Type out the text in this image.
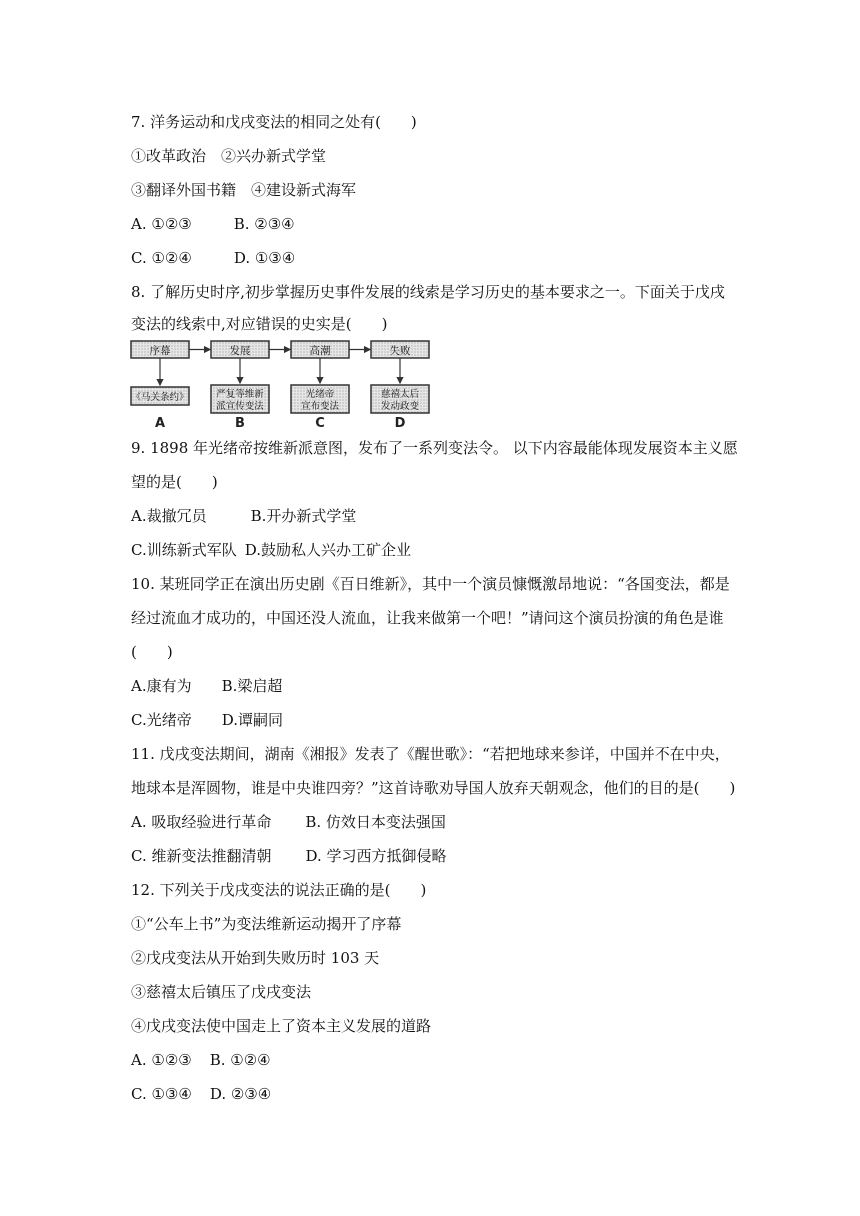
7. 洋务运动和戊戌变法的相同之处有(　　)
①改革政治　②兴办新式学堂
③翻译外国书籍　④建设新式海军
A. ①②③	B. ②③④
C. ①②④	D. ①③④
8. 了解历史时序,初步掌握历史事件发展的线索是学习历史的基本要求之一。下面关于戊戌
变法的线索中,对应错误的史实是(　　)
序幕	发展	高潮	失败
《马关条约》	严复等维新
派宣传变法
光绪帝
宣布变法
慈禧太后
发动政变
A	B	C	D
9. 1898 年光绪帝按维新派意图，发布了一系列变法令。 以下内容最能体现发展资本主义愿
望的是(　　)
A.裁撤冗员	B.开办新式学堂
C.训练新式军队 D.鼓励私人兴办工矿企业
10. 某班同学正在演出历史剧《百日维新》，其中一个演员慷慨激昂地说：“各国变法，都是
经过流血才成功的，中国还没人流血，让我来做第一个吧！”请问这个演员扮演的角色是谁
(　　)
A.康有为 B.梁启超
C.光绪帝 D.谭嗣同
11. 戊戌变法期间，湖南《湘报》发表了《醒世歌》：“若把地球来参详，中国并不在中央，
地球本是浑圆物，谁是中央谁四旁？”这首诗歌劝导国人放弃天朝观念，他们的目的是(　　)
A. 吸取经验进行革命 B. 仿效日本变法强国
C. 维新变法推翻清朝 D. 学习西方抵御侵略
12. 下列关于戊戌变法的说法正确的是(　　)
①“公车上书”为变法维新运动揭开了序幕
②戊戌变法从开始到失败历时 103 天
③慈禧太后镇压了戊戌变法
④戊戌变法使中国走上了资本主义发展的道路
A. ①②③ B. ①②④
C. ①③④ D. ②③④
